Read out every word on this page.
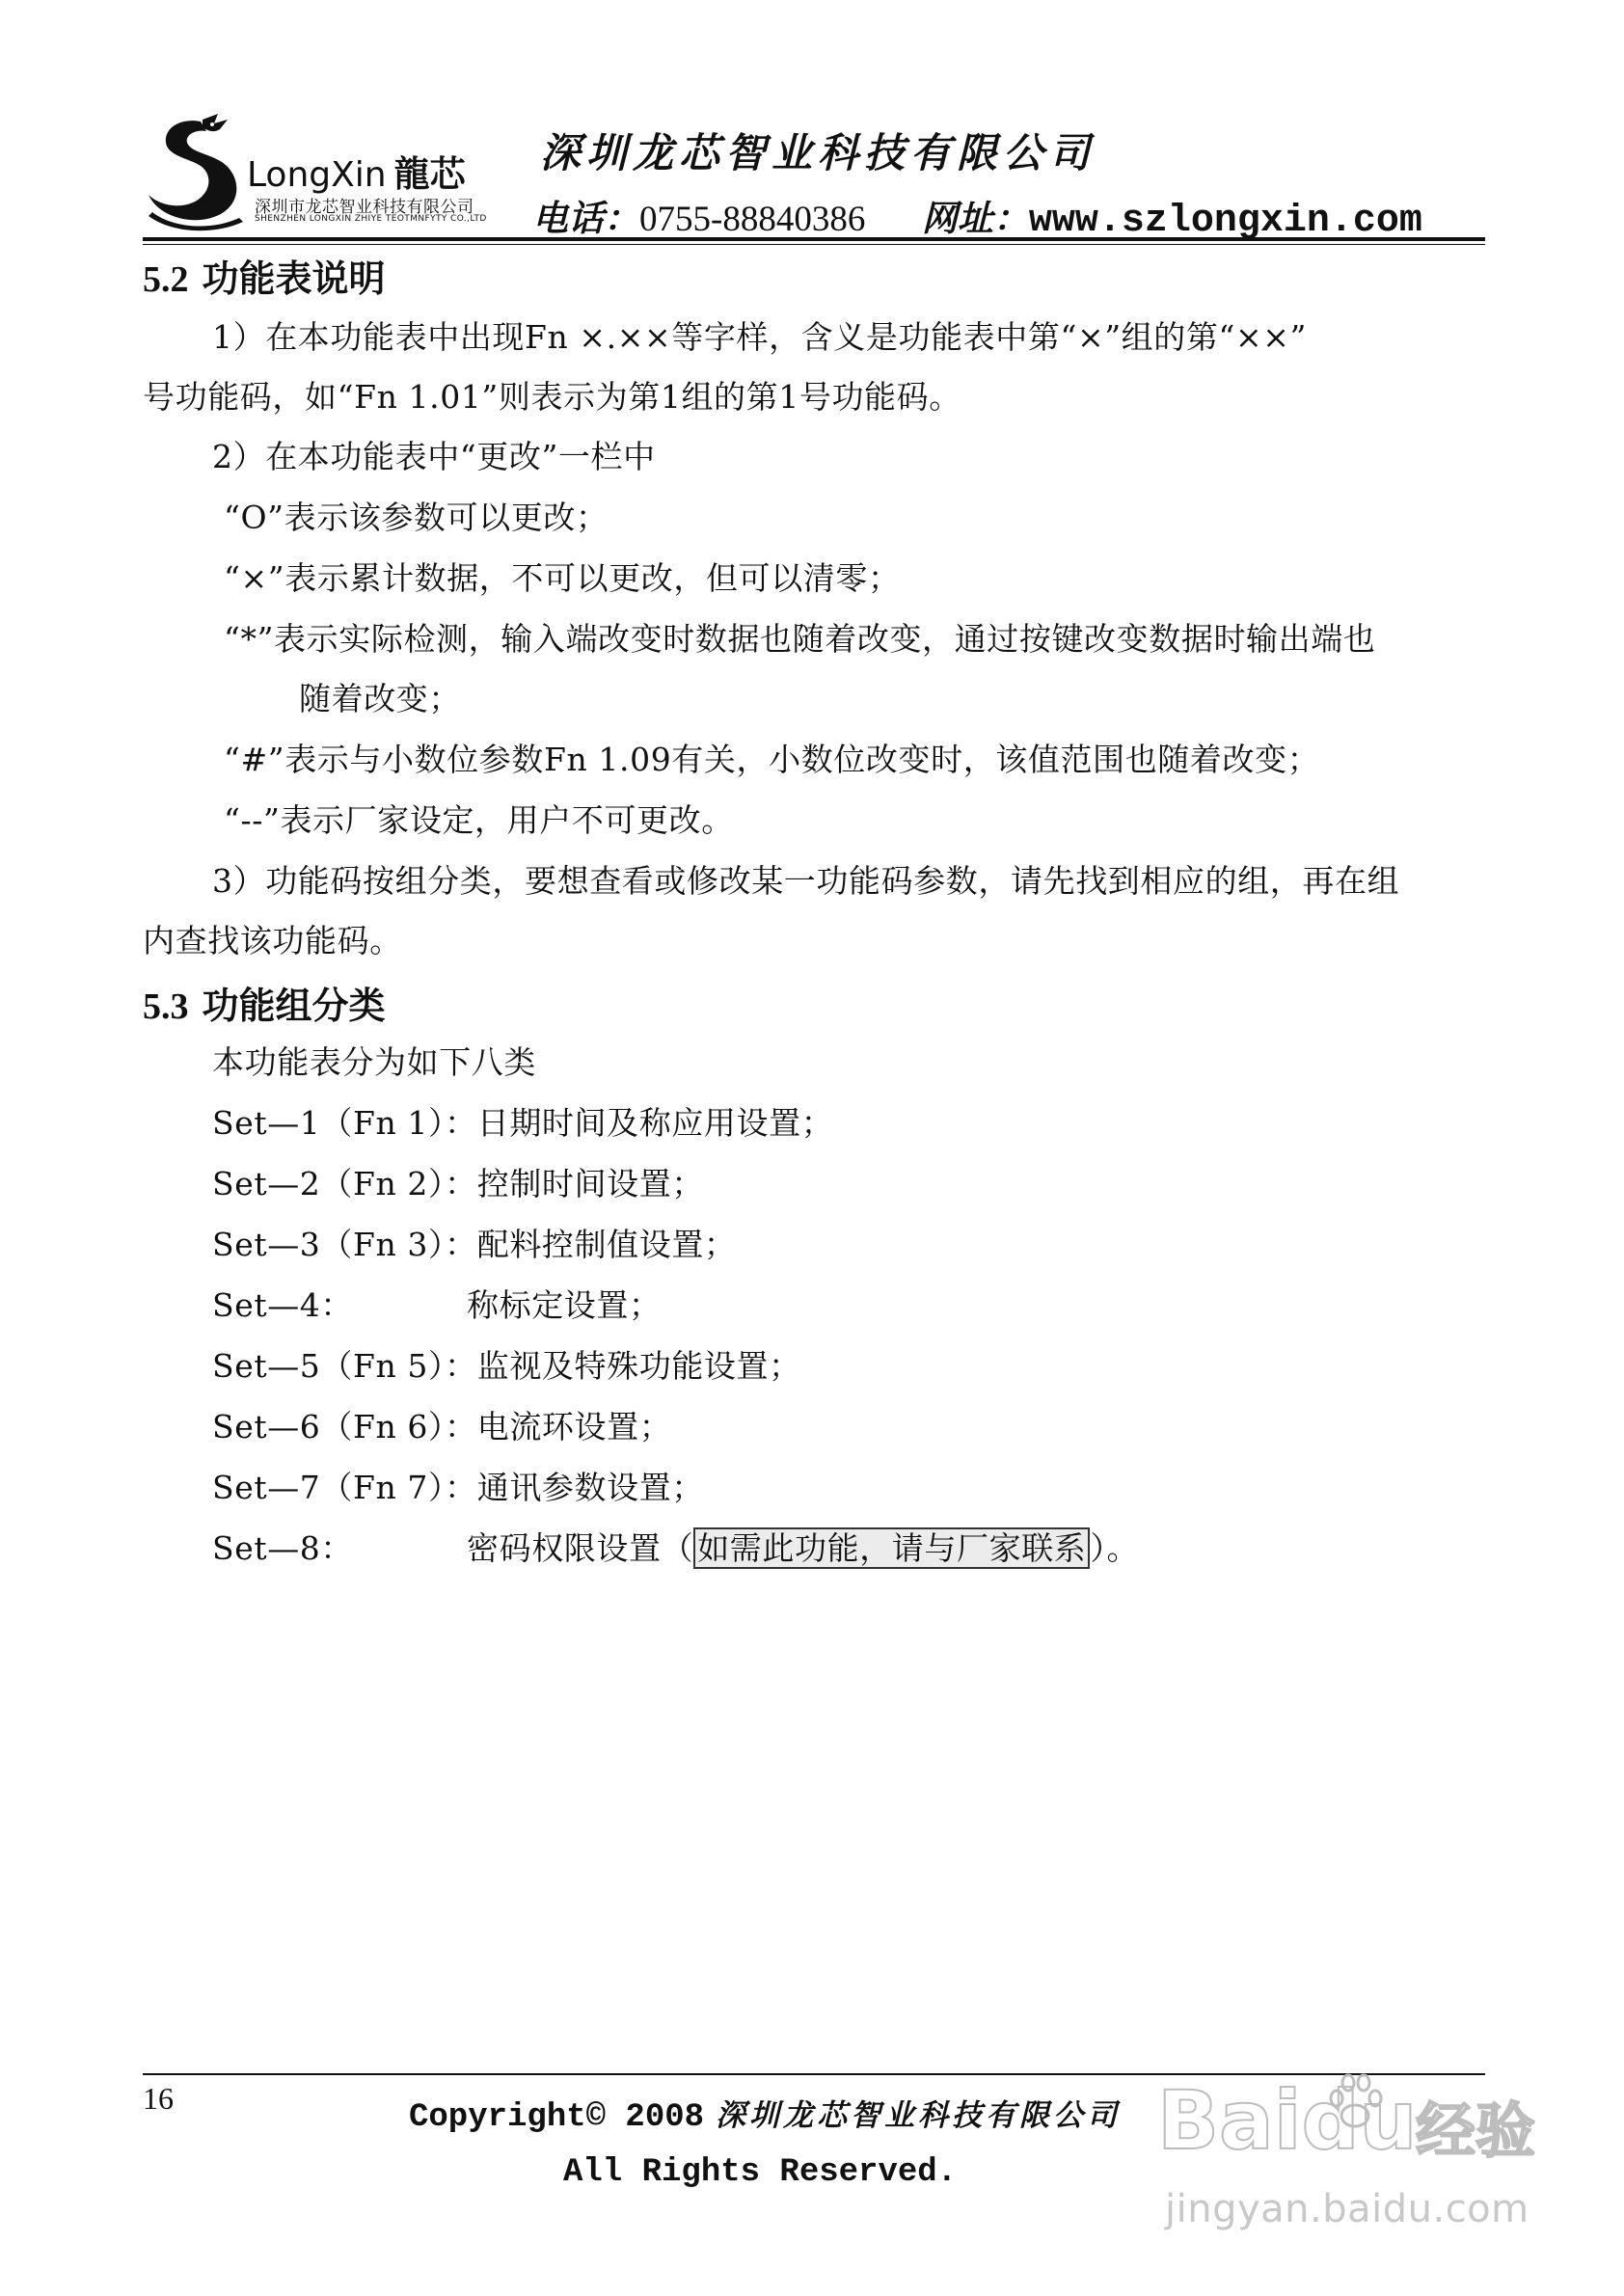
LongXin 龍芯
深圳市龙芯智业科技有限公司
SHENZHEN LONGXIN ZHIYE TEOTMNFYTY CO.,LTD
深圳龙芯智业科技有限公司
电话：0755-88840386 网址：www.szlongxin.com
5.2 功能表说明
1）在本功能表中出现Fn ×.××等字样，含义是功能表中第“×”组的第“××”
号功能码，如“Fn 1.01”则表示为第1组的第1号功能码。
2）在本功能表中“更改”一栏中
“O”表示该参数可以更改；
“×”表示累计数据，不可以更改，但可以清零；
“*”表示实际检测，输入端改变时数据也随着改变，通过按键改变数据时输出端也
随着改变；
“#”表示与小数位参数Fn 1.09有关，小数位改变时，该值范围也随着改变；
“--”表示厂家设定，用户不可更改。
3）功能码按组分类，要想查看或修改某一功能码参数，请先找到相应的组，再在组
内查找该功能码。
5.3 功能组分类
本功能表分为如下八类
Set—1（Fn 1）：日期时间及称应用设置；
Set—2（Fn 2）：控制时间设置；
Set—3（Fn 3）：配料控制值设置；
Set—4：	称标定设置；
Set—5（Fn 5）：监视及特殊功能设置；
Set—6（Fn 6）：电流环设置；
Set—7（Fn 7）：通讯参数设置；
Set—8：	密码权限设置（ 如需此功能，请与厂家联系 ）。
16
Copyright© 2008 深圳龙芯智业科技有限公司
All Rights Reserved.
Baidu
经验
jingyan.baidu.com
